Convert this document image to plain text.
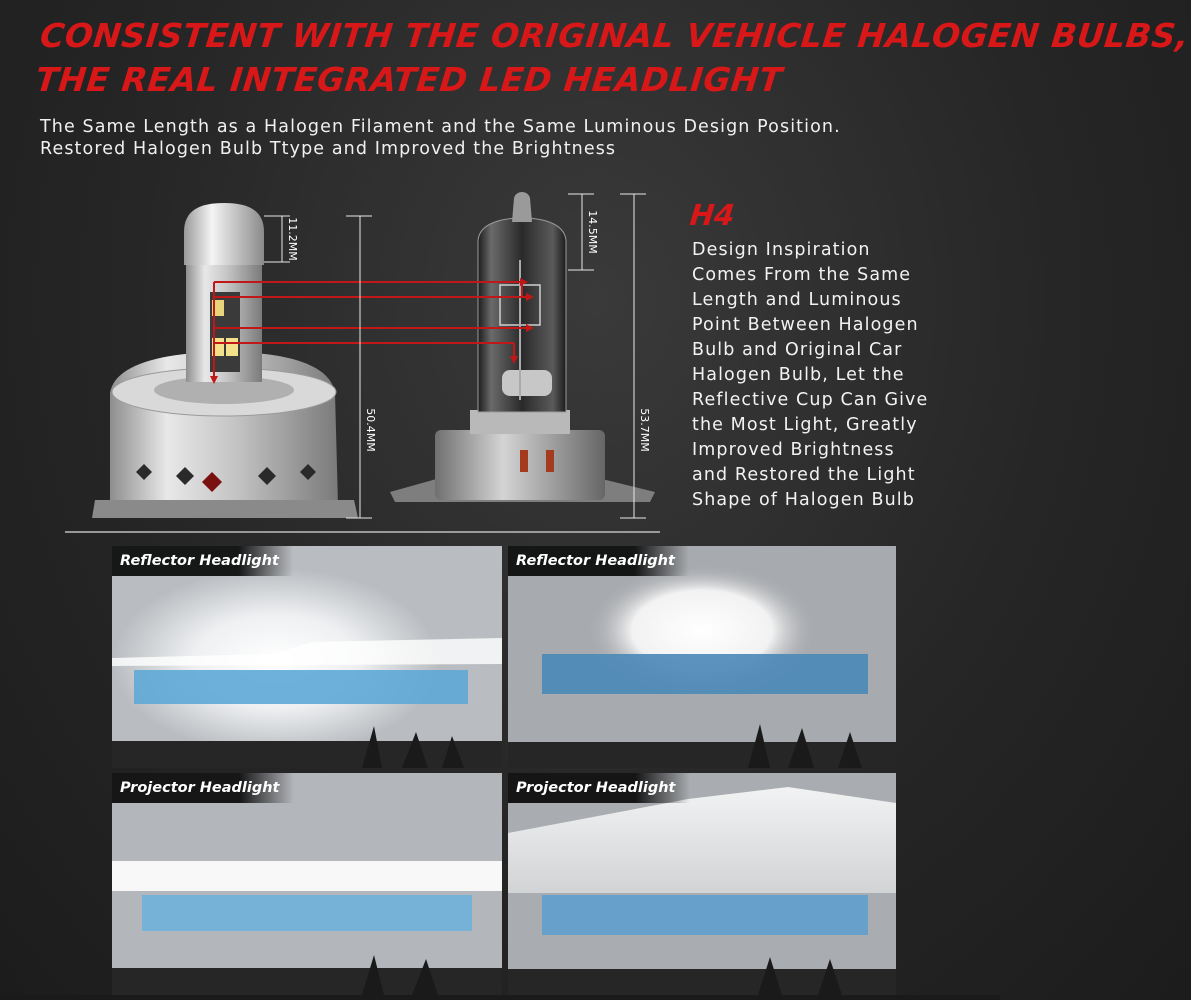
CONSISTENT WITH THE ORIGINAL VEHICLE HALOGEN BULBS,
THE REAL INTEGRATED LED HEADLIGHT

The Same Length as a Halogen Filament and the Same Luminous Design Position.
Restored Halogen Bulb Ttype and Improved the Brightness

11.2MM
50.4MM
14.5MM
53.7MM
H4

Design Inspiration
Comes From the Same
Length and Luminous
Point Between Halogen
Bulb and Original Car
Halogen Bulb, Let the
Reflective Cup Can Give
the Most Light, Greatly
Improved Brightness
and Restored the Light
Shape of Halogen Bulb

Reflector Headlight	Reflector Headlight
Projector Headlight	Projector Headlight
